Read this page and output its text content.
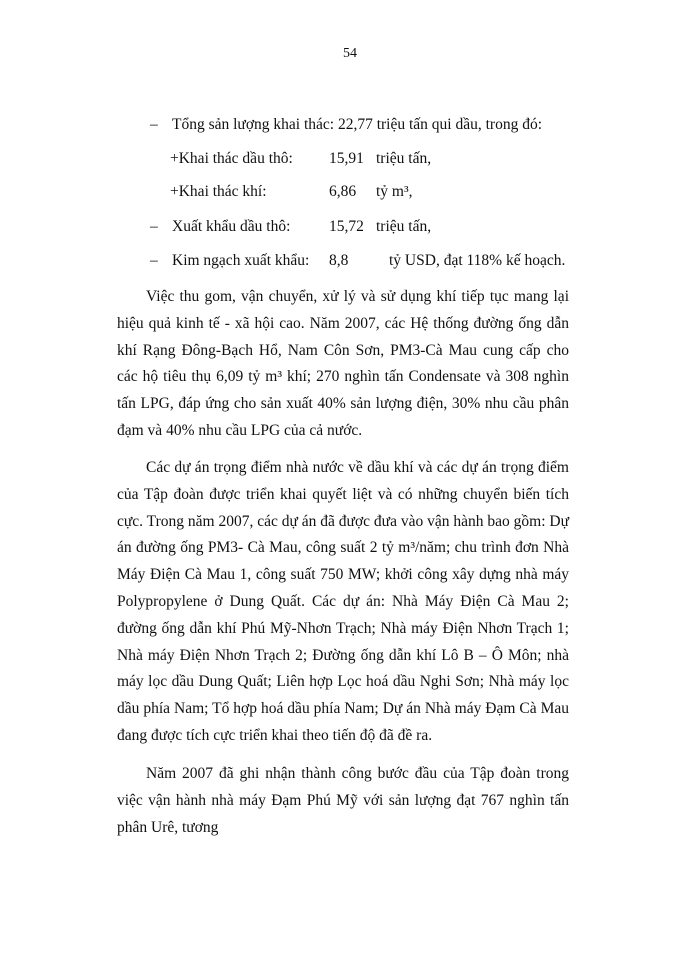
54
– Tổng sản lượng khai thác: 22,77 triệu tấn qui dầu, trong đó:
+Khai thác dầu thô: 15,91 triệu tấn,
+Khai thác khí:	6,86 tỷ m³,
– Xuất khẩu dầu thô: 15,72 triệu tấn,
– Kim ngạch xuất khẩu: 8,8	tỷ USD, đạt 118% kế hoạch.

Việc thu gom, vận chuyển, xử lý và sử dụng khí tiếp tục mang lại hiệu quả kinh tế - xã hội cao. Năm 2007, các Hệ thống đường ống dẫn khí Rạng Đông-Bạch Hổ, Nam Côn Sơn, PM3-Cà Mau cung cấp cho các hộ tiêu thụ 6,09 tỷ m³ khí; 270 nghìn tấn Condensate và 308 nghìn tấn LPG, đáp ứng cho sản xuất 40% sản lượng điện, 30% nhu cầu phân đạm và 40% nhu cầu LPG của cả nước.

Các dự án trọng điểm nhà nước về dầu khí và các dự án trọng điểm của Tập đoàn được triển khai quyết liệt và có những chuyển biến tích cực. Trong năm 2007, các dự án đã được đưa vào vận hành bao gồm: Dự án đường ống PM3- Cà Mau, công suất 2 tỷ m³/năm; chu trình đơn Nhà Máy Điện Cà Mau 1, công suất 750 MW; khởi công xây dựng nhà máy Polypropylene ở Dung Quất. Các dự án: Nhà Máy Điện Cà Mau 2; đường ống dẫn khí Phú Mỹ-Nhơn Trạch; Nhà máy Điện Nhơn Trạch 1; Nhà máy Điện Nhơn Trạch 2; Đường ống dẫn khí Lô B – Ô Môn; nhà máy lọc dầu Dung Quất; Liên hợp Lọc hoá dầu Nghi Sơn; Nhà máy lọc dầu phía Nam; Tổ hợp hoá dầu phía Nam; Dự án Nhà máy Đạm Cà Mau đang được tích cực triển khai theo tiến độ đã đề ra.

Năm 2007 đã ghi nhận thành công bước đầu của Tập đoàn trong việc vận hành nhà máy Đạm Phú Mỹ với sản lượng đạt 767 nghìn tấn phân Urê, tương
